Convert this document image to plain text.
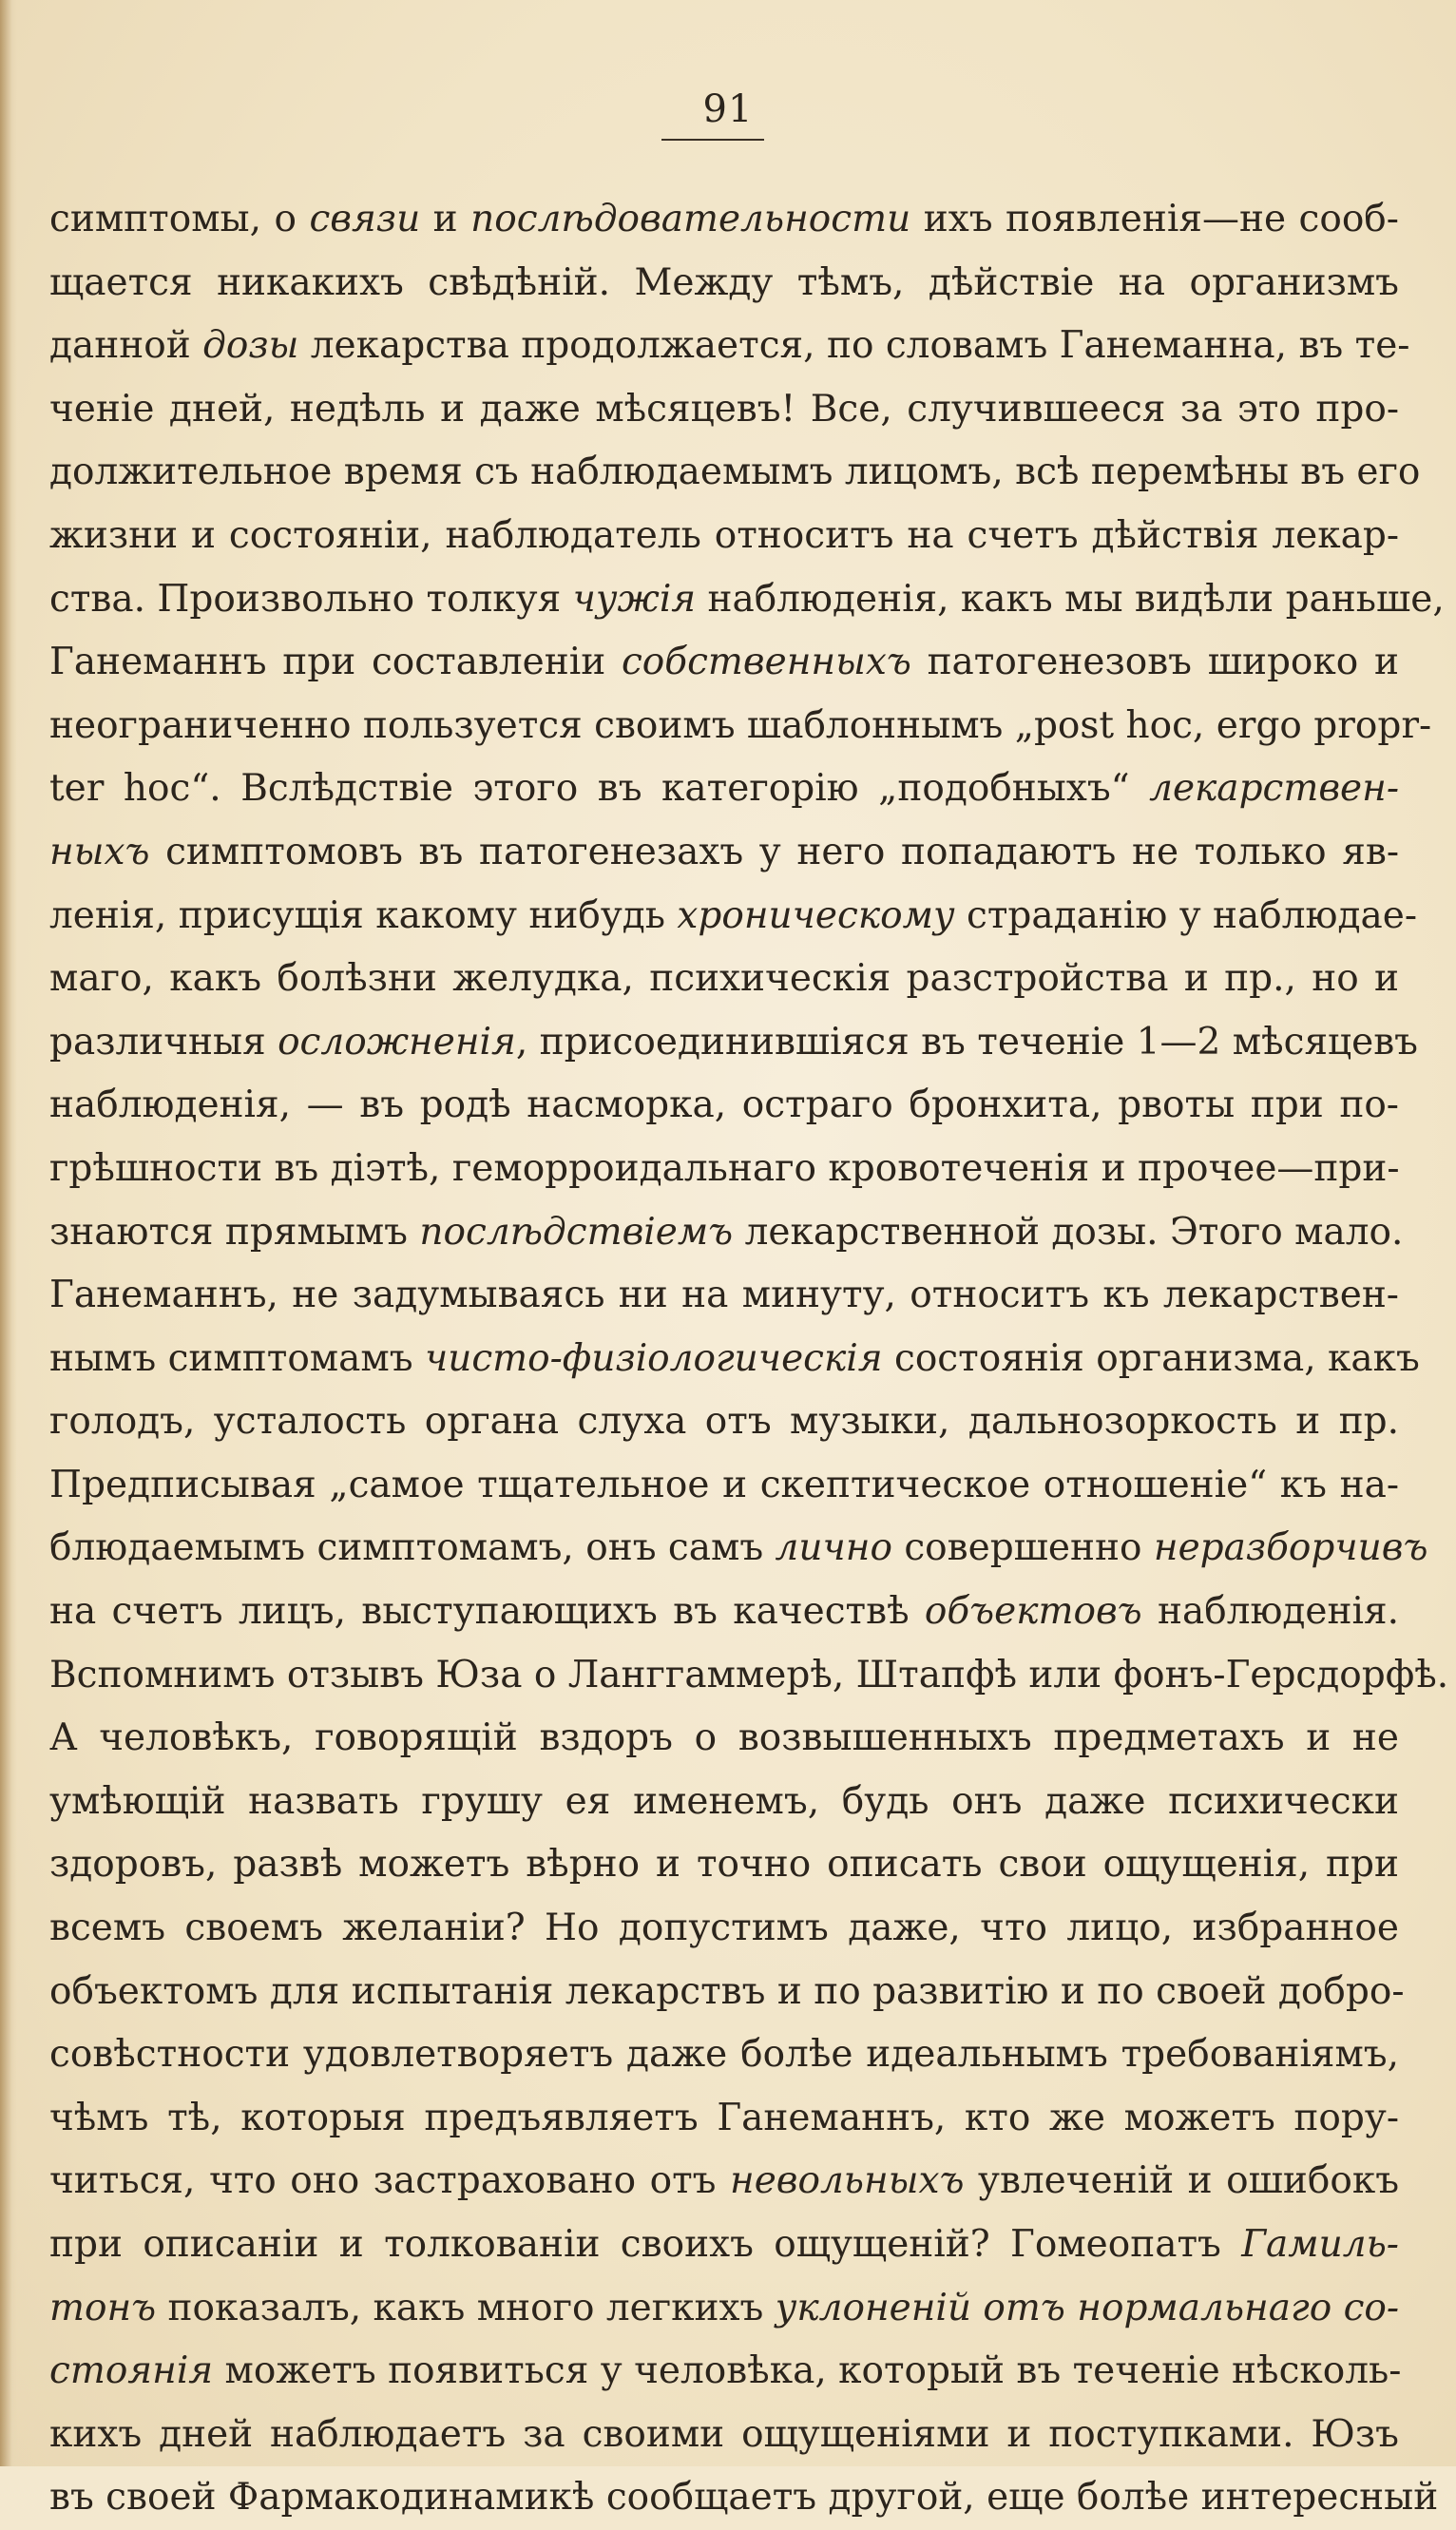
91
симптомы, о связи и послѣдовательности ихъ появленія—не сооб-
щается никакихъ свѣдѣній. Между тѣмъ, дѣйствіе на организмъ
данной дозы лекарства продолжается, по словамъ Ганеманна, въ те-
ченіе дней, недѣль и даже мѣсяцевъ! Все, случившееся за это про-
должительное время съ наблюдаемымъ лицомъ, всѣ перемѣны въ его
жизни и состояніи, наблюдатель относитъ на счетъ дѣйствія лекар-
ства. Произвольно толкуя чужія наблюденія, какъ мы видѣли раньше,
Ганеманнъ при составленіи собственныхъ патогенезовъ широко и
неограниченно пользуется своимъ шаблоннымъ „post hoc, ergo propr-
ter hoc“. Вслѣдствіе этого въ категорію „подобныхъ“ лекарствен-
ныхъ симптомовъ въ патогенезахъ у него попадаютъ не только яв-
ленія, присущія какому нибудь хроническому страданію у наблюдае-
маго, какъ болѣзни желудка, психическія разстройства и пр., но и
различныя осложненія, присоединившіяся въ теченіе 1—2 мѣсяцевъ
наблюденія, — въ родѣ насморка, остраго бронхита, рвоты при по-
грѣшности въ діэтѣ, геморроидальнаго кровотеченія и прочее—при-
знаются прямымъ послѣдствіемъ лекарственной дозы. Этого мало.
Ганеманнъ, не задумываясь ни на минуту, относитъ къ лекарствен-
нымъ симптомамъ чисто-физіологическія состоянія организма, какъ
голодъ, усталость органа слуха отъ музыки, дальнозоркость и пр.
Предписывая „самое тщательное и скептическое отношеніе“ къ на-
блюдаемымъ симптомамъ, онъ самъ лично совершенно неразборчивъ
на счетъ лицъ, выступающихъ въ качествѣ объектовъ наблюденія.
Вспомнимъ отзывъ Юза о Ланггаммерѣ, Штапфѣ или фонъ-Герсдорфѣ.
А человѣкъ, говорящій вздоръ о возвышенныхъ предметахъ и не
умѣющій назвать грушу ея именемъ, будь онъ даже психически
здоровъ, развѣ можетъ вѣрно и точно описать свои ощущенія, при
всемъ своемъ желаніи? Но допустимъ даже, что лицо, избранное
объектомъ для испытанія лекарствъ и по развитію и по своей добро-
совѣстности удовлетворяетъ даже болѣе идеальнымъ требованіямъ,
чѣмъ тѣ, которыя предъявляетъ Ганеманнъ, кто же можетъ пору-
читься, что оно застраховано отъ невольныхъ увлеченій и ошибокъ
при описаніи и толкованіи своихъ ощущеній? Гомеопатъ Гамиль-
тонъ показалъ, какъ много легкихъ уклоненій отъ нормальнаго со-
стоянія можетъ появиться у человѣка, который въ теченіе нѣсколь-
кихъ дней наблюдаетъ за своими ощущеніями и поступками. Юзъ
въ своей Фармакодинамикѣ сообщаетъ другой, еще болѣе интересный
